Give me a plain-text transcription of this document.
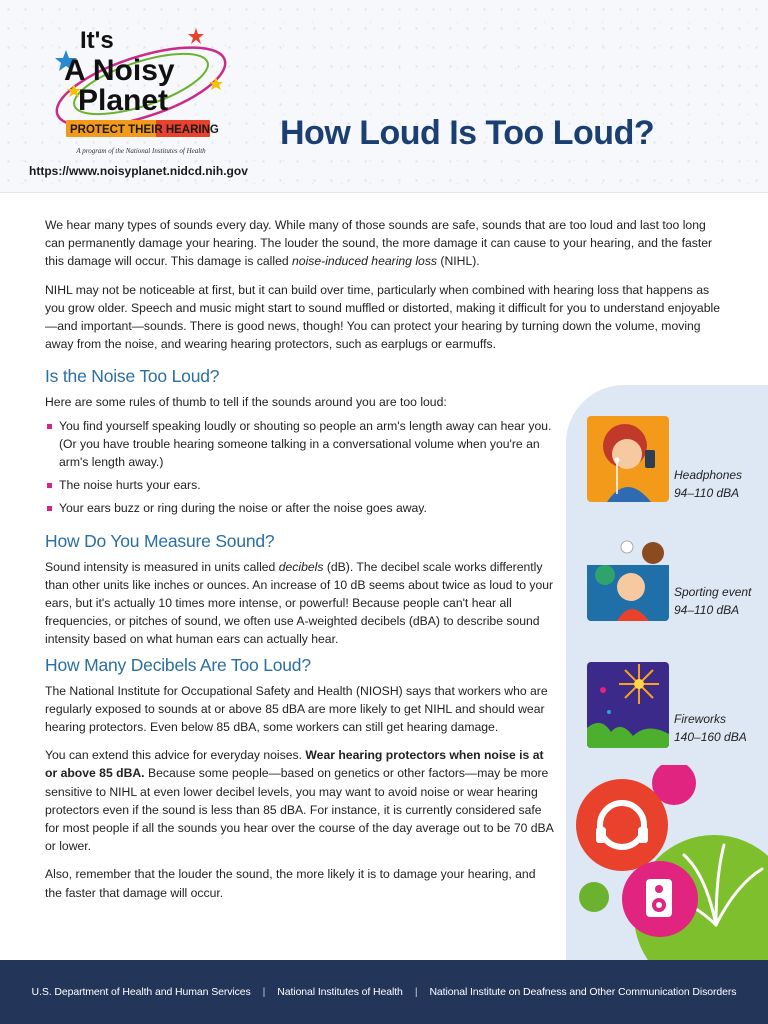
It's
A Noisy
Planet
PROTECT THEIR HEARING
A program of the National Institutes of Health
https://www.noisyplanet.nidcd.nih.gov
How Loud Is Too Loud?

We hear many types of sounds every day. While many of those sounds are safe, sounds that are too loud and last too long can permanently damage your hearing. The louder the sound, the more damage it can cause to your hearing, and the faster this damage will occur. This damage is called noise-induced hearing loss (NIHL).

NIHL may not be noticeable at first, but it can build over time, particularly when combined with hearing loss that happens as you grow older. Speech and music might start to sound muffled or distorted, making it difficult for you to understand enjoyable—and important—sounds. There is good news, though! You can protect your hearing by turning down the volume, moving away from the noise, and wearing hearing protectors, such as earplugs or earmuffs.

Is the Noise Too Loud?

Here are some rules of thumb to tell if the sounds around you are too loud:

You find yourself speaking loudly or shouting so people an arm's length away can hear you. (Or you have trouble hearing someone talking in a conversational volume when you're an arm's length away.)
The noise hurts your ears.
Your ears buzz or ring during the noise or after the noise goes away.
How Do You Measure Sound?

Sound intensity is measured in units called decibels (dB). The decibel scale works differently than other units like inches or ounces. An increase of 10 dB seems about twice as loud to your ears, but it's actually 10 times more intense, or powerful! Because people can't hear all frequencies, or pitches of sound, we often use A-weighted decibels (dBA) to describe sound intensity based on what human ears can actually hear.

How Many Decibels Are Too Loud?

The National Institute for Occupational Safety and Health (NIOSH) says that workers who are regularly exposed to sounds at or above 85 dBA are more likely to get NIHL and should wear hearing protectors. Even below 85 dBA, some workers can still get hearing damage.

You can extend this advice for everyday noises. Wear hearing protectors when noise is at or above 85 dBA. Because some people—based on genetics or other factors—may be more sensitive to NIHL at even lower decibel levels, you may want to avoid noise or wear hearing protectors even if the sound is less than 85 dBA. For instance, it is currently considered safe for most people if all the sounds you hear over the course of the day average out to be 70 dBA or lower.

Also, remember that the louder the sound, the more likely it is to damage your hearing, and the faster that damage will occur.

Headphones
94–110 dBA
Sporting event
94–110 dBA
Fireworks
140–160 dBA
U.S. Department of Health and Human Services | National Institutes of Health | National Institute on Deafness and Other Communication Disorders
